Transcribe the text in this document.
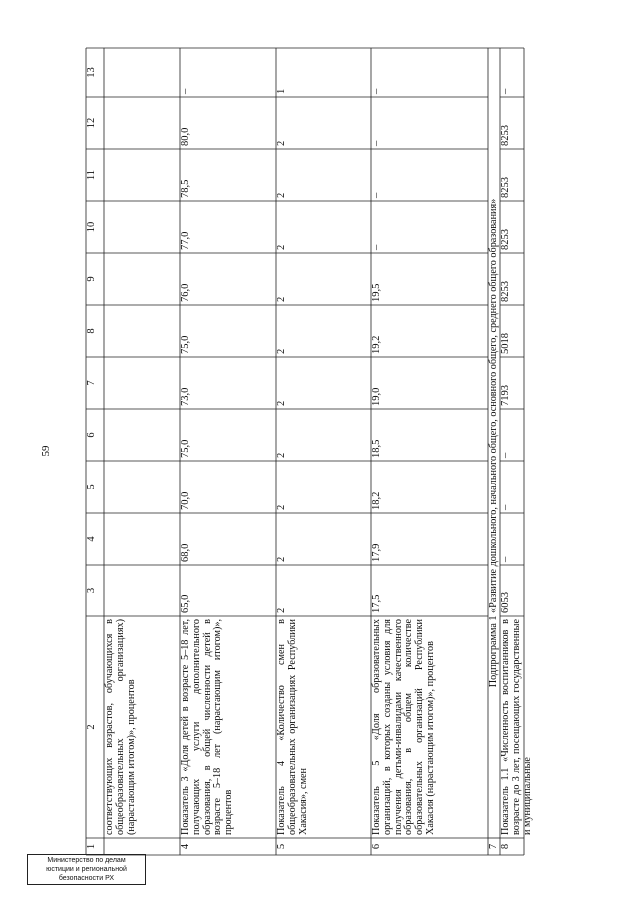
59
Министерство по делам
юстиции и региональной
безопасности РХ
1
2
3
4
5
6
7
8
9
10
11
12
13
соответствующих возрастов, обучающихся в общеобразовательных организациях) (нарастающим итогом)», процентов
4
Показатель 3 «Доля детей в возрасте 5–18 лет, получающих услуги дополнительного образования, в общей численности детей в возрасте 5–18 лет (нарастающим итогом)», процентов
65,0
68,0
70,0
75,0
73,0
75,0
76,0
77,0
78,5
80,0
–
5
Показатель 4 «Количество смен в общеобразовательных организациях Республики Хакасия», смен
2
2
2
2
2
2
2
2
2
2
1
6
Показатель 5 «Доля образовательных организаций, в которых созданы условия для получения детьми-инвалидами качественного образования, в общем количестве образовательных организаций Республики Хакасия (нарастающим итогом)», процентов
17,5
17,9
18,2
18,5
19,0
19,2
19,5
–
–
–
–
7
Подпрограмма 1 «Развитие дошкольного, начального общего, основного общего, среднего общего образования»
8
Показатель 1.1 «Численность воспитанников в возрасте до 3 лет, посещающих государственные и муниципальные
6053
–
–
–
7193
5018
8253
8253
8253
8253
–
